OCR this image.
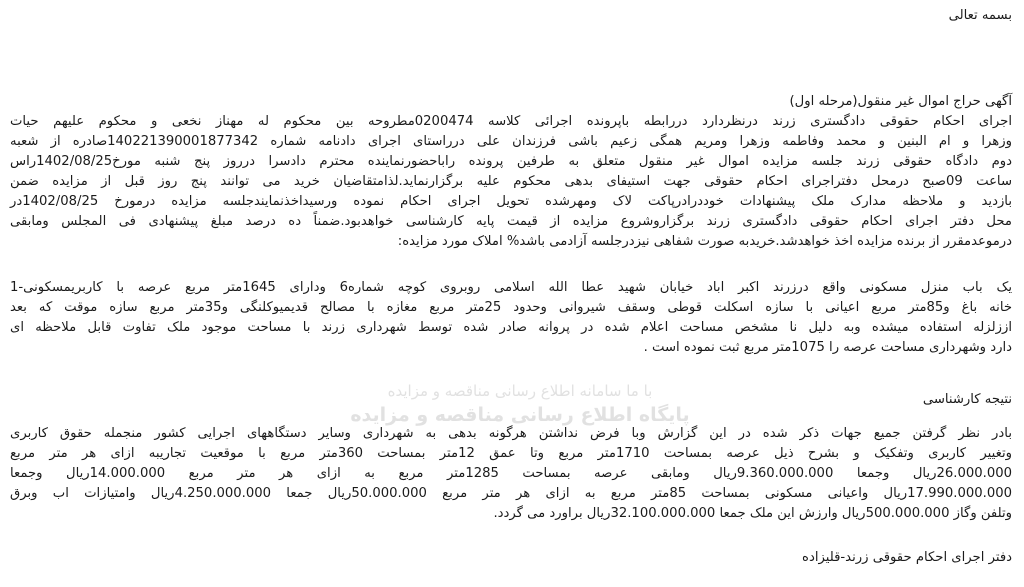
بسمه تعالی
آگهی حراج اموال غیر منقول(مرحله اول)
اجرای احکام حقوقی دادگستری زرند درنظردارد دررابطه باپرونده اجرائی کلاسه 0200474مطروحه بین محکوم له مهناز نخعی و محکوم علیهم حیات
وزهرا و ام البنین و محمد وفاطمه وزهرا ومریم همگی زعیم باشی فرزندان علی درراستای اجرای دادنامه شماره 140221390001877342صادره از شعبه
دوم دادگاه حقوقی زرند جلسه مزایده اموال غیر منقول متعلق به طرفین پرونده راباحضورنماینده محترم دادسرا درروز پنج شنبه مورخ1402/08/25راس
ساعت 09صبح درمحل دفتراجرای احکام حقوقی جهت استیفای بدهی محکوم علیه برگزارنماید.لذامتقاضیان خرید می توانند پنج روز قبل از مزایده ضمن
بازدید و ملاحظه مدارک ملک پیشنهادات خوددرادرپاکت لاک ومهرشده تحویل اجرای احکام نموده ورسیداخذنمایندجلسه مزایده درمورخ 1402/08/25در
محل دفتر اجرای احکام حقوقی دادگستری زرند برگزاروشروع مزایده از قیمت پایه کارشناسی خواهدبود.ضمناً ده درصد مبلغ پیشنهادی فی المجلس ومابقی
درموعدمقرر از برنده مزایده اخذ خواهدشد.خریدبه صورت شفاهی نیزدرجلسه آزادمی باشد% املاک مورد مزایده:
یک باب منزل مسکونی واقع درزرند اکبر اباد خیابان شهید عطا الله اسلامی روبروی کوچه شماره6 ودارای 1645متر مربع عرصه با کاربریمسکونی-1
خانه باغ و85متر مربع اعیانی با سازه اسکلت قوطی وسقف شیروانی وحدود 25متر مربع مغازه با مصالح قدیمیوکلنگی و35متر مربع سازه موقت که بعد
اززلزله استفاده میشده وبه دلیل نا مشخص مساحت اعلام شده در پروانه صادر شده توسط شهرداری زرند با مساحت موجود ملک تفاوت قابل ملاحظه ای
دارد وشهرداری مساحت عرصه را 1075متر مربع ثبت نموده است .
نتیجه کارشناسی
بادر نظر گرفتن جمیع جهات ذکر شده در این گزارش وبا فرض نداشتن هرگونه بدهی به شهرداری وسایر دستگاههای اجرایی کشور منجمله حقوق کاربری
وتغییر کاربری وتفکیک و بشرح ذیل عرصه بمساحت 1710متر مربع وتا عمق 12متر بمساحت 360متر مربع با موقعیت تجاریبه ازای هر متر مربع
26.000.000ریال وجمعا 9.360.000.000ریال ومابقی عرصه بمساحت 1285متر مربع به ازای هر متر مربع 14.000.000ریال وجمعا
17.990.000.000ریال واعیانی مسکونی بمساحت 85متر مربع به ازای هر متر مربع 50.000.000ریال جمعا 4.250.000.000ریال وامتیازات اب وبرق
وتلفن وگاز 500.000.000ریال وارزش این ملک جمعا 32.100.000.000ریال براورد می گردد.
دفتر اجرای احکام حقوقی زرند-قلیزاده
با ما سامانه اطلاع رسانی مناقصه و مزایده
پایگاه اطلاع رسانی مناقصه و مزایده
